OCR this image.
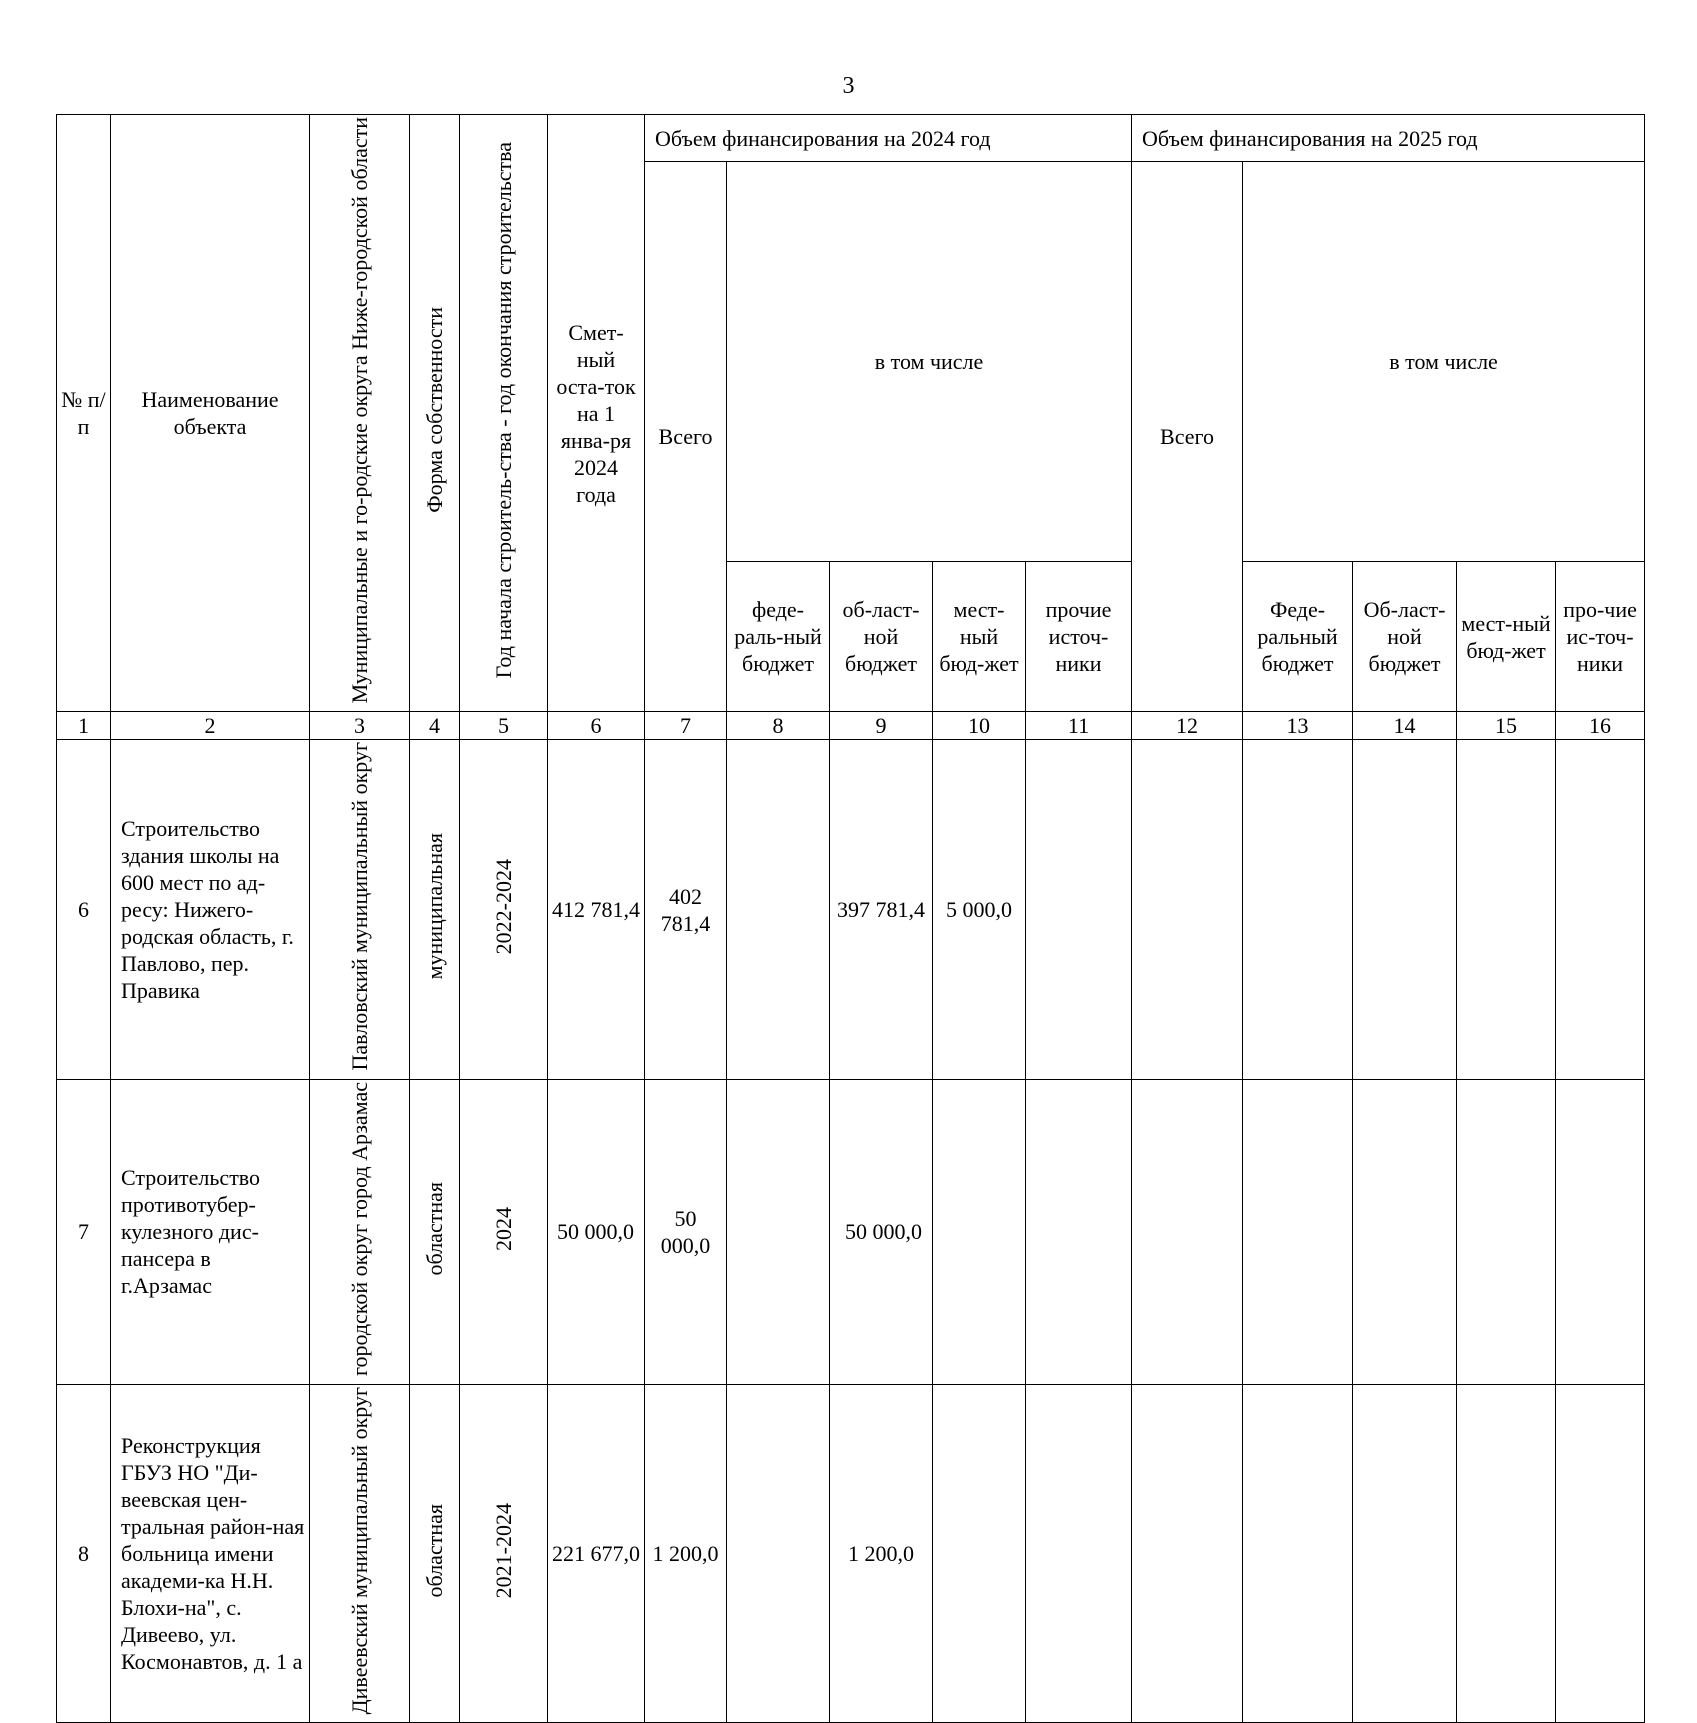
3
№ п/п	Наименование объекта	Муниципальные и го-родские округа Ниже-городской области	Форма собственности	Год начала строитель-ства - год окончания строительства	Смет-ный оста-ток на 1 янва-ря 2024 года	Объем финансирования на 2024 год					Объем финансирования на 2025 год				
						Всего	в том числе				Всего	в том числе			
							феде-раль-ный бюджет	об-ласт-ной бюджет	мест-ный бюд-жет	прочие источ-ники		Феде-ральный бюджет	Об-ласт-ной бюджет	мест-ный бюд-жет	про-чие ис-точ-ники
1	2	3	4	5	6	7	8	9	10	11	12	13	14	15	16
6	Строительство здания школы на 600 мест по ад-ресу: Нижего-родская область, г. Павлово, пер. Правика	Павловский муниципальный округ	муниципальная	2022-2024	412 781,4	402 781,4		397 781,4	5 000,0						
7	Строительство противотубер-кулезного дис-пансера в г.Арзамас	городской округ город Арзамас	областная	2024	50 000,0	50 000,0		50 000,0							
8	Реконструкция ГБУЗ НО "Ди-веевская цен-тральная район-ная больница имени академи-ка Н.Н. Блохи-на", с. Дивеево, ул. Космонавтов, д. 1 а	Дивеевский муниципальный округ	областная	2021-2024	221 677,0	1 200,0		1 200,0							
